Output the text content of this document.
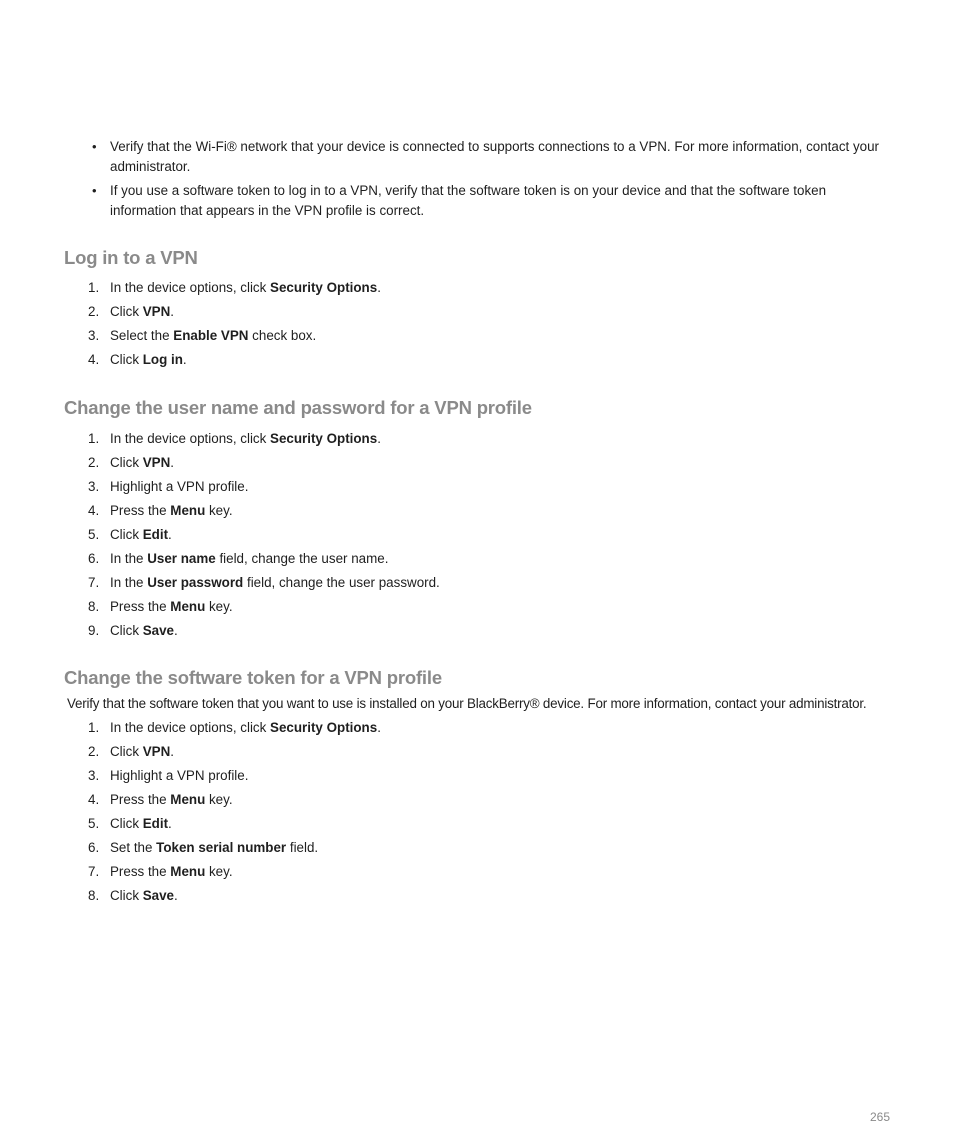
• Verify that the Wi-Fi® network that your device is connected to supports connections to a VPN. For more information, contact your administrator.
• If you use a software token to log in to a VPN, verify that the software token is on your device and that the software token information that appears in the VPN profile is correct.
Log in to a VPN
1. In the device options, click Security Options.
2. Click VPN.
3. Select the Enable VPN check box.
4. Click Log in.
Change the user name and password for a VPN profile
1. In the device options, click Security Options.
2. Click VPN.
3. Highlight a VPN profile.
4. Press the Menu key.
5. Click Edit.
6. In the User name field, change the user name.
7. In the User password field, change the user password.
8. Press the Menu key.
9. Click Save.
Change the software token for a VPN profile
Verify that the software token that you want to use is installed on your BlackBerry® device. For more information, contact your administrator.
1. In the device options, click Security Options.
2. Click VPN.
3. Highlight a VPN profile.
4. Press the Menu key.
5. Click Edit.
6. Set the Token serial number field.
7. Press the Menu key.
8. Click Save.
265
